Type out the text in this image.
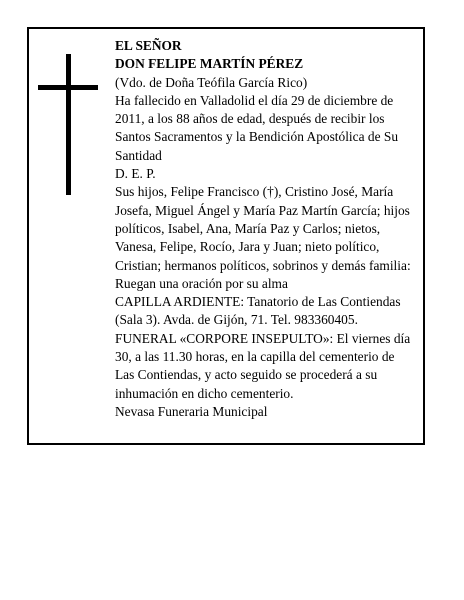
EL SEÑOR

DON FELIPE MARTÍN PÉREZ

(Vdo. de Doña Teófila García Rico)

Ha fallecido en Valladolid el día 29 de diciembre de 2011, a los 88 años de edad, después de recibir los Santos Sacramentos y la Bendición Apostólica de Su Santidad

D. E. P.

Sus hijos, Felipe Francisco (†), Cristino José, María Josefa, Miguel Ángel y María Paz Martín García; hijos políticos, Isabel, Ana, María Paz y Carlos; nietos, Vanesa, Felipe, Rocío, Jara y Juan; nieto político, Cristian; hermanos políticos, sobrinos y demás familia:

Ruegan una oración por su alma

CAPILLA ARDIENTE: Tanatorio de Las Contiendas (Sala 3). Avda. de Gijón, 71. Tel. 983360405.

FUNERAL «CORPORE INSEPULTO»: El viernes día 30, a las 11.30 horas, en la capilla del cementerio de Las Contiendas, y acto seguido se procederá a su inhumación en dicho cementerio.

Nevasa Funeraria Municipal
